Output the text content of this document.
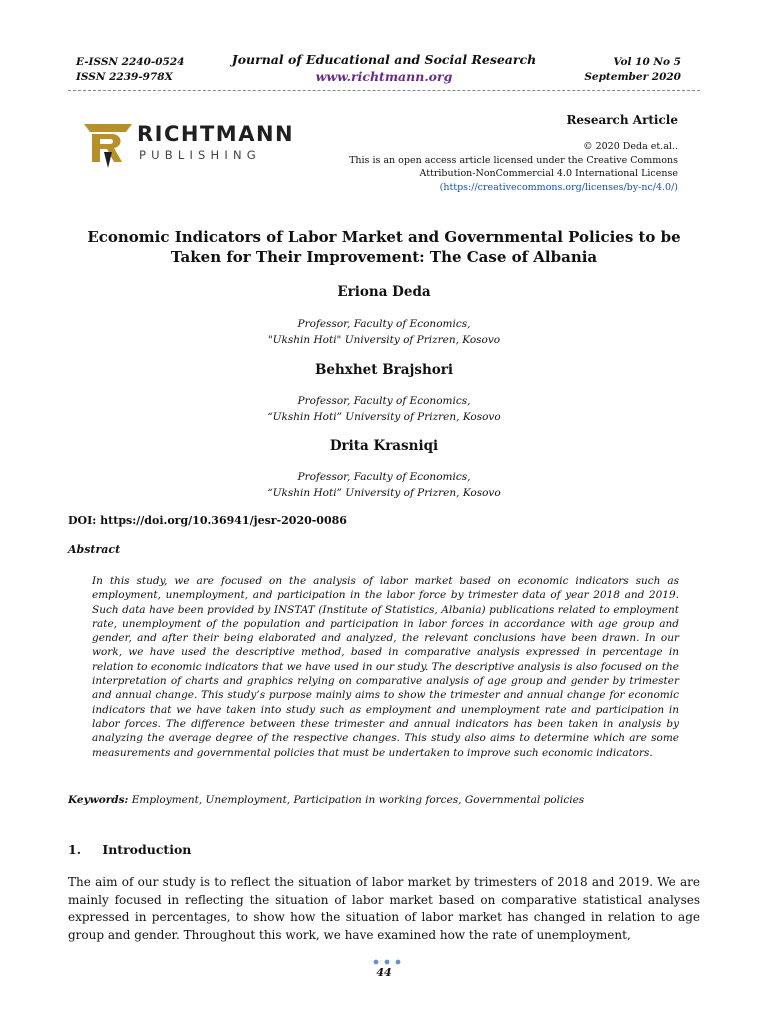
E-ISSN 2240-0524
ISSN 2239-978X
Journal of Educational and Social Research
www.richtmann.org
Vol 10 No 5
September 2020
RICHTMANN
PUBLISHING
Research Article
© 2020 Deda et.al..
This is an open access article licensed under the Creative Commons
Attribution-NonCommercial 4.0 International License
(https://creativecommons.org/licenses/by-nc/4.0/)
Economic Indicators of Labor Market and Governmental Policies to be
Taken for Their Improvement: The Case of Albania
Eriona Deda
Professor, Faculty of Economics,
"Ukshin Hoti" University of Prizren, Kosovo
Behxhet Brajshori
Professor, Faculty of Economics,
“Ukshin Hoti” University of Prizren, Kosovo
Drita Krasniqi
Professor, Faculty of Economics,
“Ukshin Hoti” University of Prizren, Kosovo
DOI: https://doi.org/10.36941/jesr-2020-0086
Abstract
In this study, we are focused on the analysis of labor market based on economic indicators such as employment, unemployment, and participation in the labor force by trimester data of year 2018 and 2019. Such data have been provided by INSTAT (Institute of Statistics, Albania) publications related to employment rate, unemployment of the population and participation in labor forces in accordance with age group and gender, and after their being elaborated and analyzed, the relevant conclusions have been drawn. In our work, we have used the descriptive method, based in comparative analysis expressed in percentage in relation to economic indicators that we have used in our study. The descriptive analysis is also focused on the interpretation of charts and graphics relying on comparative analysis of age group and gender by trimester and annual change. This study’s purpose mainly aims to show the trimester and annual change for economic indicators that we have taken into study such as employment and unemployment rate and participation in labor forces. The difference between these trimester and annual indicators has been taken in analysis by analyzing the average degree of the respective changes. This study also aims to determine which are some measurements and governmental policies that must be undertaken to improve such economic indicators.
Keywords: Employment, Unemployment, Participation in working forces, Governmental policies
1. Introduction
The aim of our study is to reflect the situation of labor market by trimesters of 2018 and 2019. We are mainly focused in reflecting the situation of labor market based on comparative statistical analyses expressed in percentages, to show how the situation of labor market has changed in relation to age group and gender. Throughout this work, we have examined how the rate of unemployment,
44
